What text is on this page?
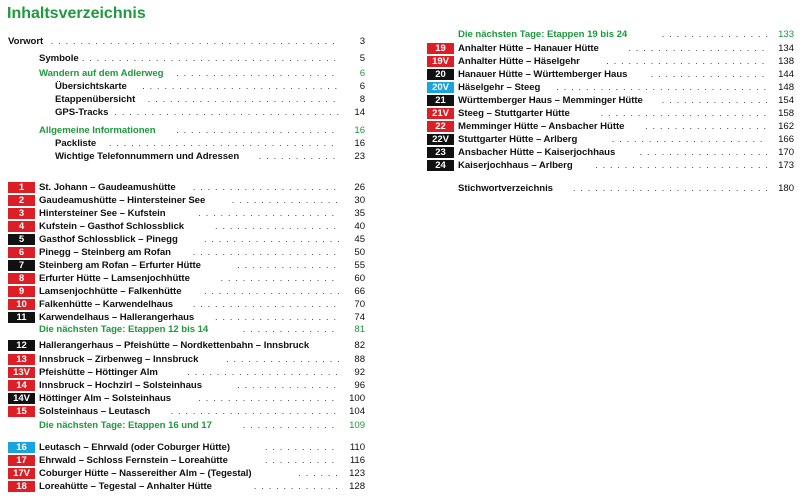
Inhaltsverzeichnis
Vorwort . . .	3
Symbole . . .	5
Wandern auf dem Adlerweg . . .	6
Übersichtskarte . . .	6
Etappenübersicht . . .	8
GPS-Tracks . . .	14
Allgemeine Informationen . . .	16
Packliste . . .	16
Wichtige Telefonnummern und Adressen . . .	23
1	St. Johann – Gaudeamushütte . . .	26
2	Gaudeamushütte – Hintersteiner See . . .	30
3	Hintersteiner See – Kufstein . . .	35
4	Kufstein – Gasthof Schlossblick . . .	40
5	Gasthof Schlossblick – Pinegg . . .	45
6	Pinegg – Steinberg am Rofan . . .	50
7	Steinberg am Rofan – Erfurter Hütte . . .	55
8	Erfurter Hütte – Lamsenjochhütte . . .	60
9	Lamsenjochhütte – Falkenhütte . . .	66
10	Falkenhütte – Karwendelhaus . . .	70
11	Karwendelhaus – Hallerangerhaus . . .	74
Die nächsten Tage: Etappen 12 bis 14 . . .	81
12	Hallerangerhaus – Pfeishütte – Nordkettenbahn – Innsbruck	82
13	Innsbruck – Zirbenweg – Innsbruck . . .	88
13V Pfeishütte – Höttinger Alm . . .	92
14	Innsbruck – Hochzirl – Solsteinhaus . . .	96
14V Höttinger Alm – Solsteinhaus . . .	100
15	Solsteinhaus – Leutasch . . .	104
Die nächsten Tage: Etappen 16 und 17 . . .	109
16	Leutasch – Ehrwald (oder Coburger Hütte) . . .	110
17	Ehrwald – Schloss Fernstein – Loreahütte . . .	116
17V Coburger Hütte – Nassereither Alm – (Tegestal) . . .	123
18	Loreahütte – Tegestal – Anhalter Hütte . . .	128
Die nächsten Tage: Etappen 19 bis 24 . . .	133
19	Anhalter Hütte – Hanauer Hütte . . .	134
19V Anhalter Hütte – Häselgehr . . .	138
20	Hanauer Hütte – Württemberger Haus . . .	144
20V Häselgehr – Steeg . . .	148
21	Württemberger Haus – Memminger Hütte . . .	154
21V Steeg – Stuttgarter Hütte . . .	158
22	Memminger Hütte – Ansbacher Hütte . . .	162
22V Stuttgarter Hütte – Arlberg . . .	166
23	Ansbacher Hütte – Kaiserjochhaus . . .	170
24	Kaiserjochhaus – Arlberg . . .	173
Stichwortverzeichnis . . .	180
